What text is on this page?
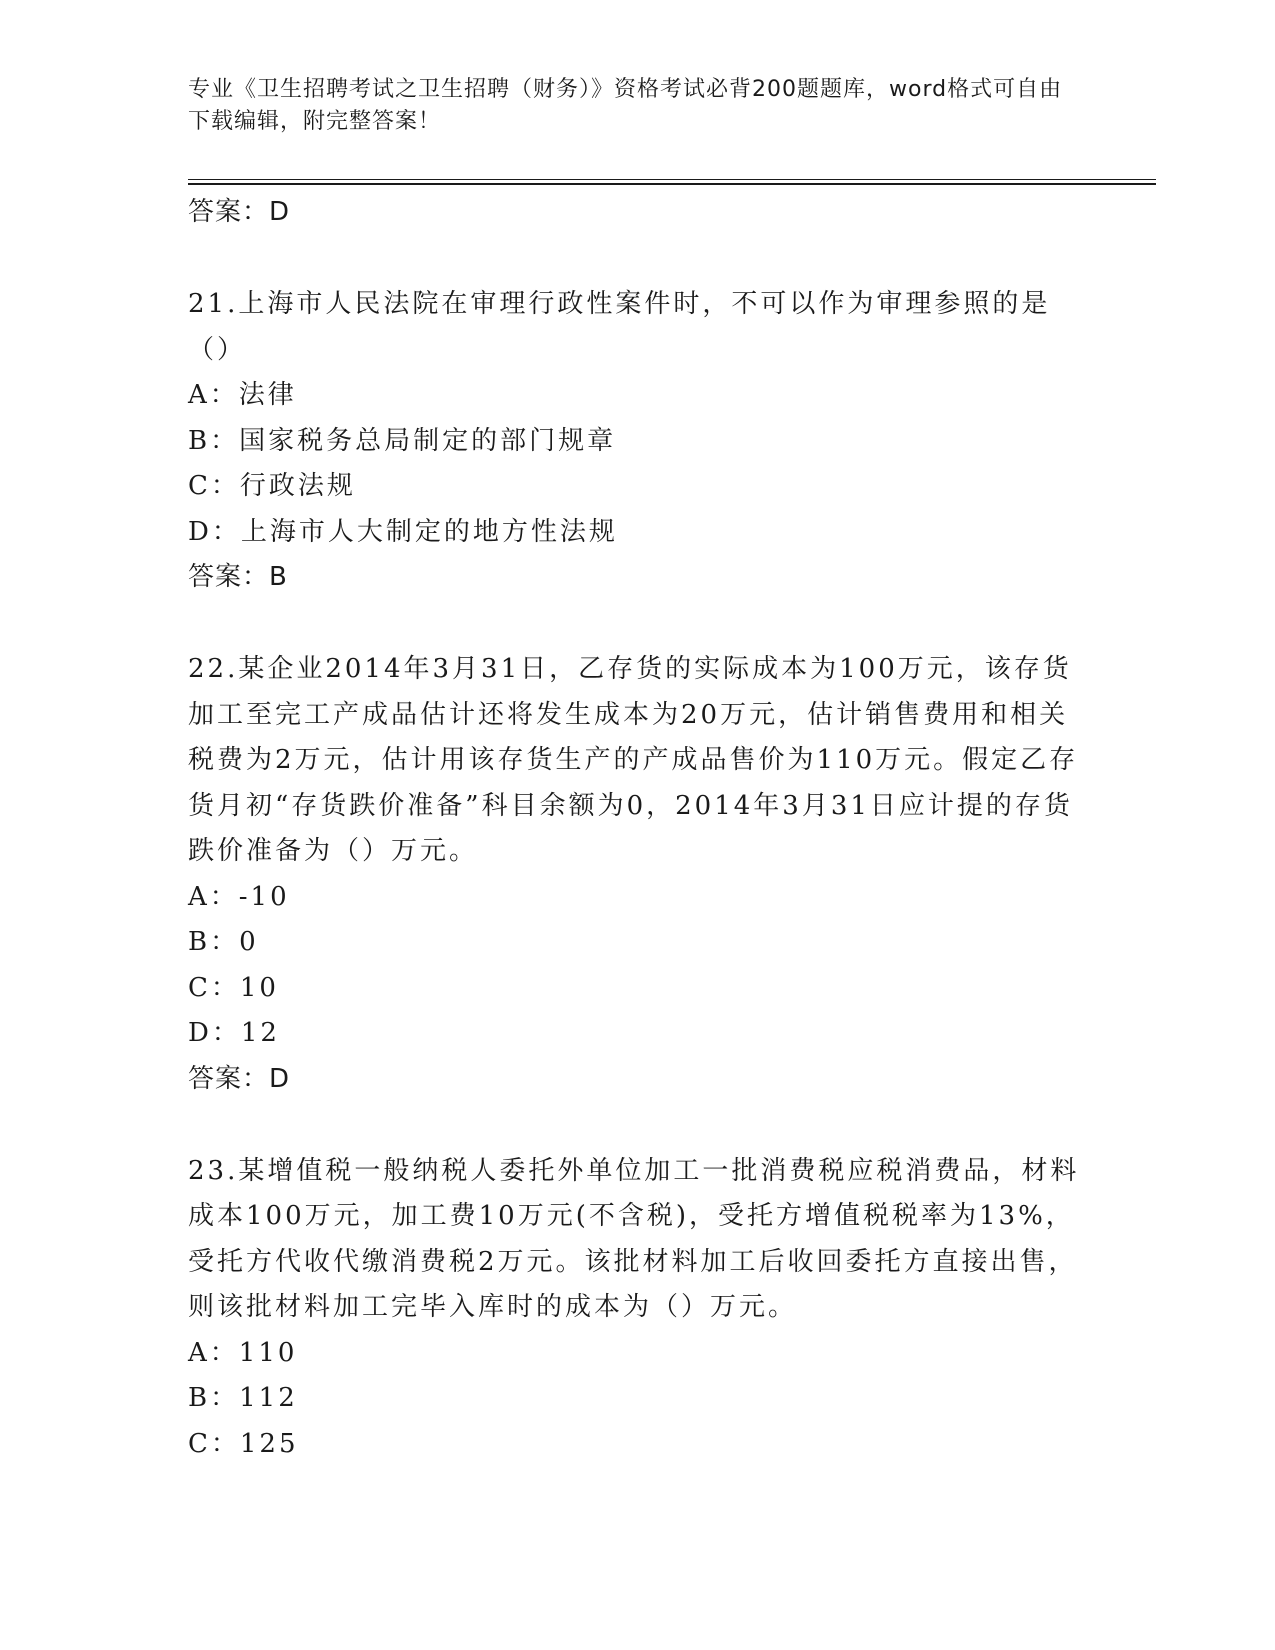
专业《卫生招聘考试之卫生招聘（财务）》资格考试必背200题题库，word格式可自由下载编辑，附完整答案！
答案：D
21.上海市人民法院在审理行政性案件时，不可以作为审理参照的是（）
A：法律
B：国家税务总局制定的部门规章
C：行政法规
D：上海市人大制定的地方性法规
答案：B
22.某企业2014年3月31日，乙存货的实际成本为100万元，该存货加工至完工产成品估计还将发生成本为20万元，估计销售费用和相关税费为2万元，估计用该存货生产的产成品售价为110万元。假定乙存货月初“存货跌价准备”科目余额为0，2014年3月31日应计提的存货跌价准备为（）万元。
A：-10
B：0
C：10
D：12
答案：D
23.某增值税一般纳税人委托外单位加工一批消费税应税消费品，材料成本100万元，加工费10万元(不含税)，受托方增值税税率为13%，受托方代收代缴消费税2万元。该批材料加工后收回委托方直接出售，则该批材料加工完毕入库时的成本为（）万元。
A：110
B：112
C：125
